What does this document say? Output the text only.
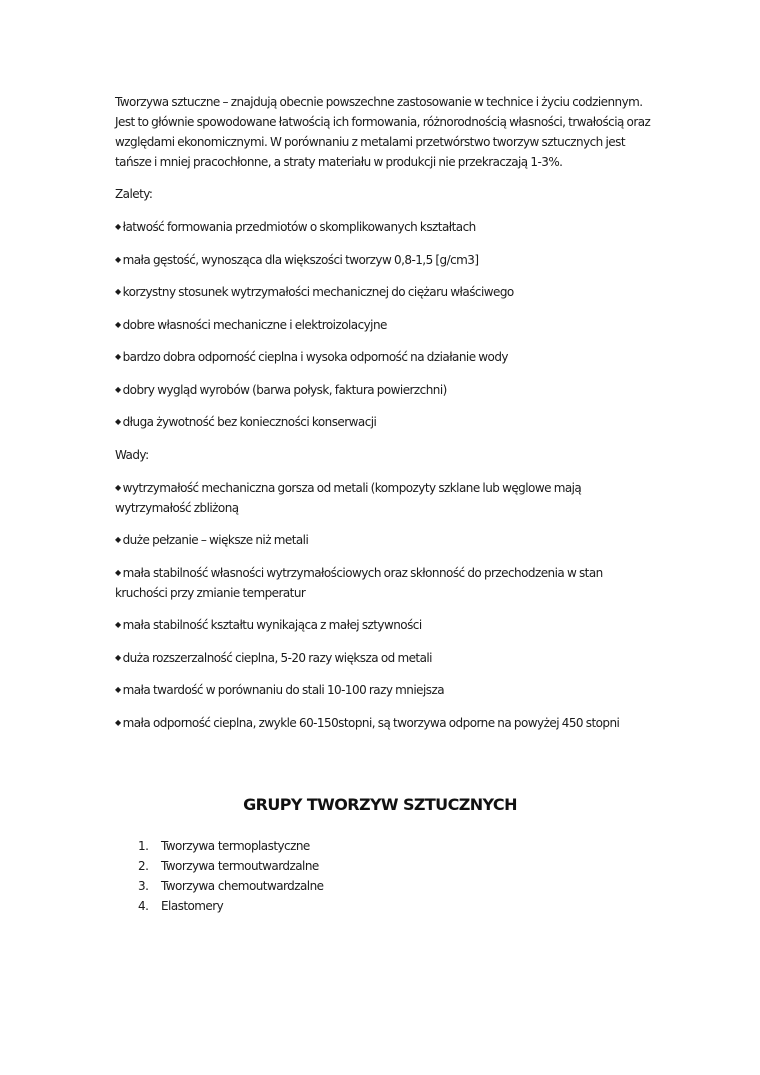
Tworzywa sztuczne – znajdują obecnie powszechne zastosowanie w technice i życiu codziennym. Jest to głównie spowodowane łatwością ich formowania, różnorodnością własności, trwałością oraz względami ekonomicznymi. W porównaniu z metalami przetwórstwo tworzyw sztucznych jest tańsze i mniej pracochłonne, a straty materiału w produkcji nie przekraczają 1-3%.

Zalety:

◆ łatwość formowania przedmiotów o skomplikowanych kształtach

◆ mała gęstość, wynosząca dla większości tworzyw 0,8-1,5 [g/cm3]

◆ korzystny stosunek wytrzymałości mechanicznej do ciężaru właściwego

◆ dobre własności mechaniczne i elektroizolacyjne

◆ bardzo dobra odporność cieplna i wysoka odporność na działanie wody

◆ dobry wygląd wyrobów (barwa połysk, faktura powierzchni)

◆ długa żywotność bez konieczności konserwacji

Wady:

◆ wytrzymałość mechaniczna gorsza od metali (kompozyty szklane lub węglowe mają wytrzymałość zbliżoną

◆ duże pełzanie – większe niż metali

◆ mała stabilność własności wytrzymałościowych oraz skłonność do przechodzenia w stan kruchości przy zmianie temperatur

◆ mała stabilność kształtu wynikająca z małej sztywności

◆ duża rozszerzalność cieplna, 5-20 razy większa od metali

◆ mała twardość w porównaniu do stali 10-100 razy mniejsza

◆ mała odporność cieplna, zwykle 60-150stopni, są tworzywa odporne na powyżej 450 stopni

GRUPY TWORZYW SZTUCZNYCH
1. Tworzywa termoplastyczne
2. Tworzywa termoutwardzalne
3. Tworzywa chemoutwardzalne
4. Elastomery
